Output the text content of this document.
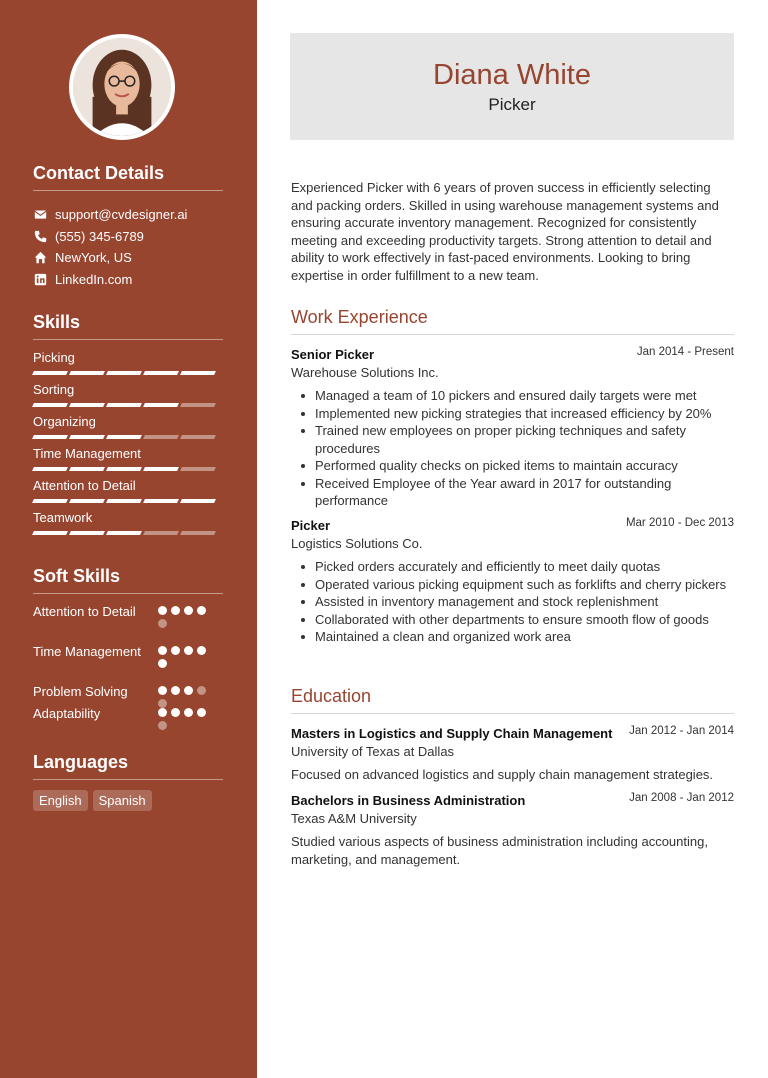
Contact Details
support@cvdesigner.ai
(555) 345-6789
NewYork, US
LinkedIn.com
Skills
Picking
Sorting
Organizing
Time Management
Attention to Detail
Teamwork
Soft Skills
Attention to Detail
Time Management
Problem Solving
Adaptability
Languages
English	Spanish
Diana White
Picker
Experienced Picker with 6 years of proven success in efficiently selecting and packing orders. Skilled in using warehouse management systems and ensuring accurate inventory management. Recognized for consistently meeting and exceeding productivity targets. Strong attention to detail and ability to work effectively in fast-paced environments. Looking to bring expertise in order fulfillment to a new team.
Work Experience
Senior Picker	Jan 2014 - Present
Warehouse Solutions Inc.
Managed a team of 10 pickers and ensured daily targets were met
Implemented new picking strategies that increased efficiency by 20%
Trained new employees on proper picking techniques and safety procedures
Performed quality checks on picked items to maintain accuracy
Received Employee of the Year award in 2017 for outstanding performance
Picker	Mar 2010 - Dec 2013
Logistics Solutions Co.
Picked orders accurately and efficiently to meet daily quotas
Operated various picking equipment such as forklifts and cherry pickers
Assisted in inventory management and stock replenishment
Collaborated with other departments to ensure smooth flow of goods
Maintained a clean and organized work area
Education
Masters in Logistics and Supply Chain Management Jan 2012 - Jan 2014
University of Texas at Dallas
Focused on advanced logistics and supply chain management strategies.
Bachelors in Business Administration	Jan 2008 - Jan 2012
Texas A&M University
Studied various aspects of business administration including accounting, marketing, and management.
